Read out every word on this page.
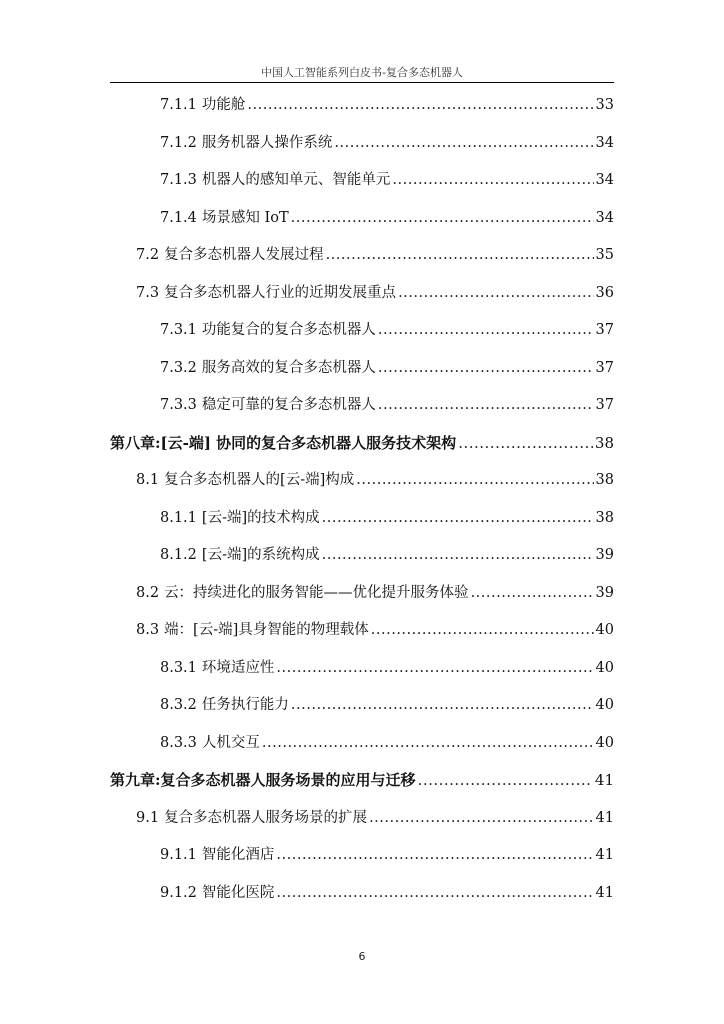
中国人工智能系列白皮书-复合多态机器人
7.1.1 功能舱 .....	33
7.1.2 服务机器人操作系统 .....	34
7.1.3 机器人的感知单元、智能单元 .....	34
7.1.4 场景感知 IoT .....	34
7.2 复合多态机器人发展过程 .....	35
7.3 复合多态机器人行业的近期发展重点 .....	36
7.3.1 功能复合的复合多态机器人 .....	37
7.3.2 服务高效的复合多态机器人 .....	37
7.3.3 稳定可靠的复合多态机器人 .....	37
第八章:[云-端] 协同的复合多态机器人服务技术架构 .....	38
8.1 复合多态机器人的[云-端]构成 .....	38
8.1.1 [云-端]的技术构成 .....	38
8.1.2 [云-端]的系统构成 .....	39
8.2 云：持续进化的服务智能——优化提升服务体验 .....	39
8.3 端：[云-端]具身智能的物理载体 .....	40
8.3.1 环境适应性 .....	40
8.3.2 任务执行能力 .....	40
8.3.3 人机交互 .....	40
第九章:复合多态机器人服务场景的应用与迁移 .....	41
9.1 复合多态机器人服务场景的扩展 .....	41
9.1.1 智能化酒店 .....	41
9.1.2 智能化医院 .....	41
6
